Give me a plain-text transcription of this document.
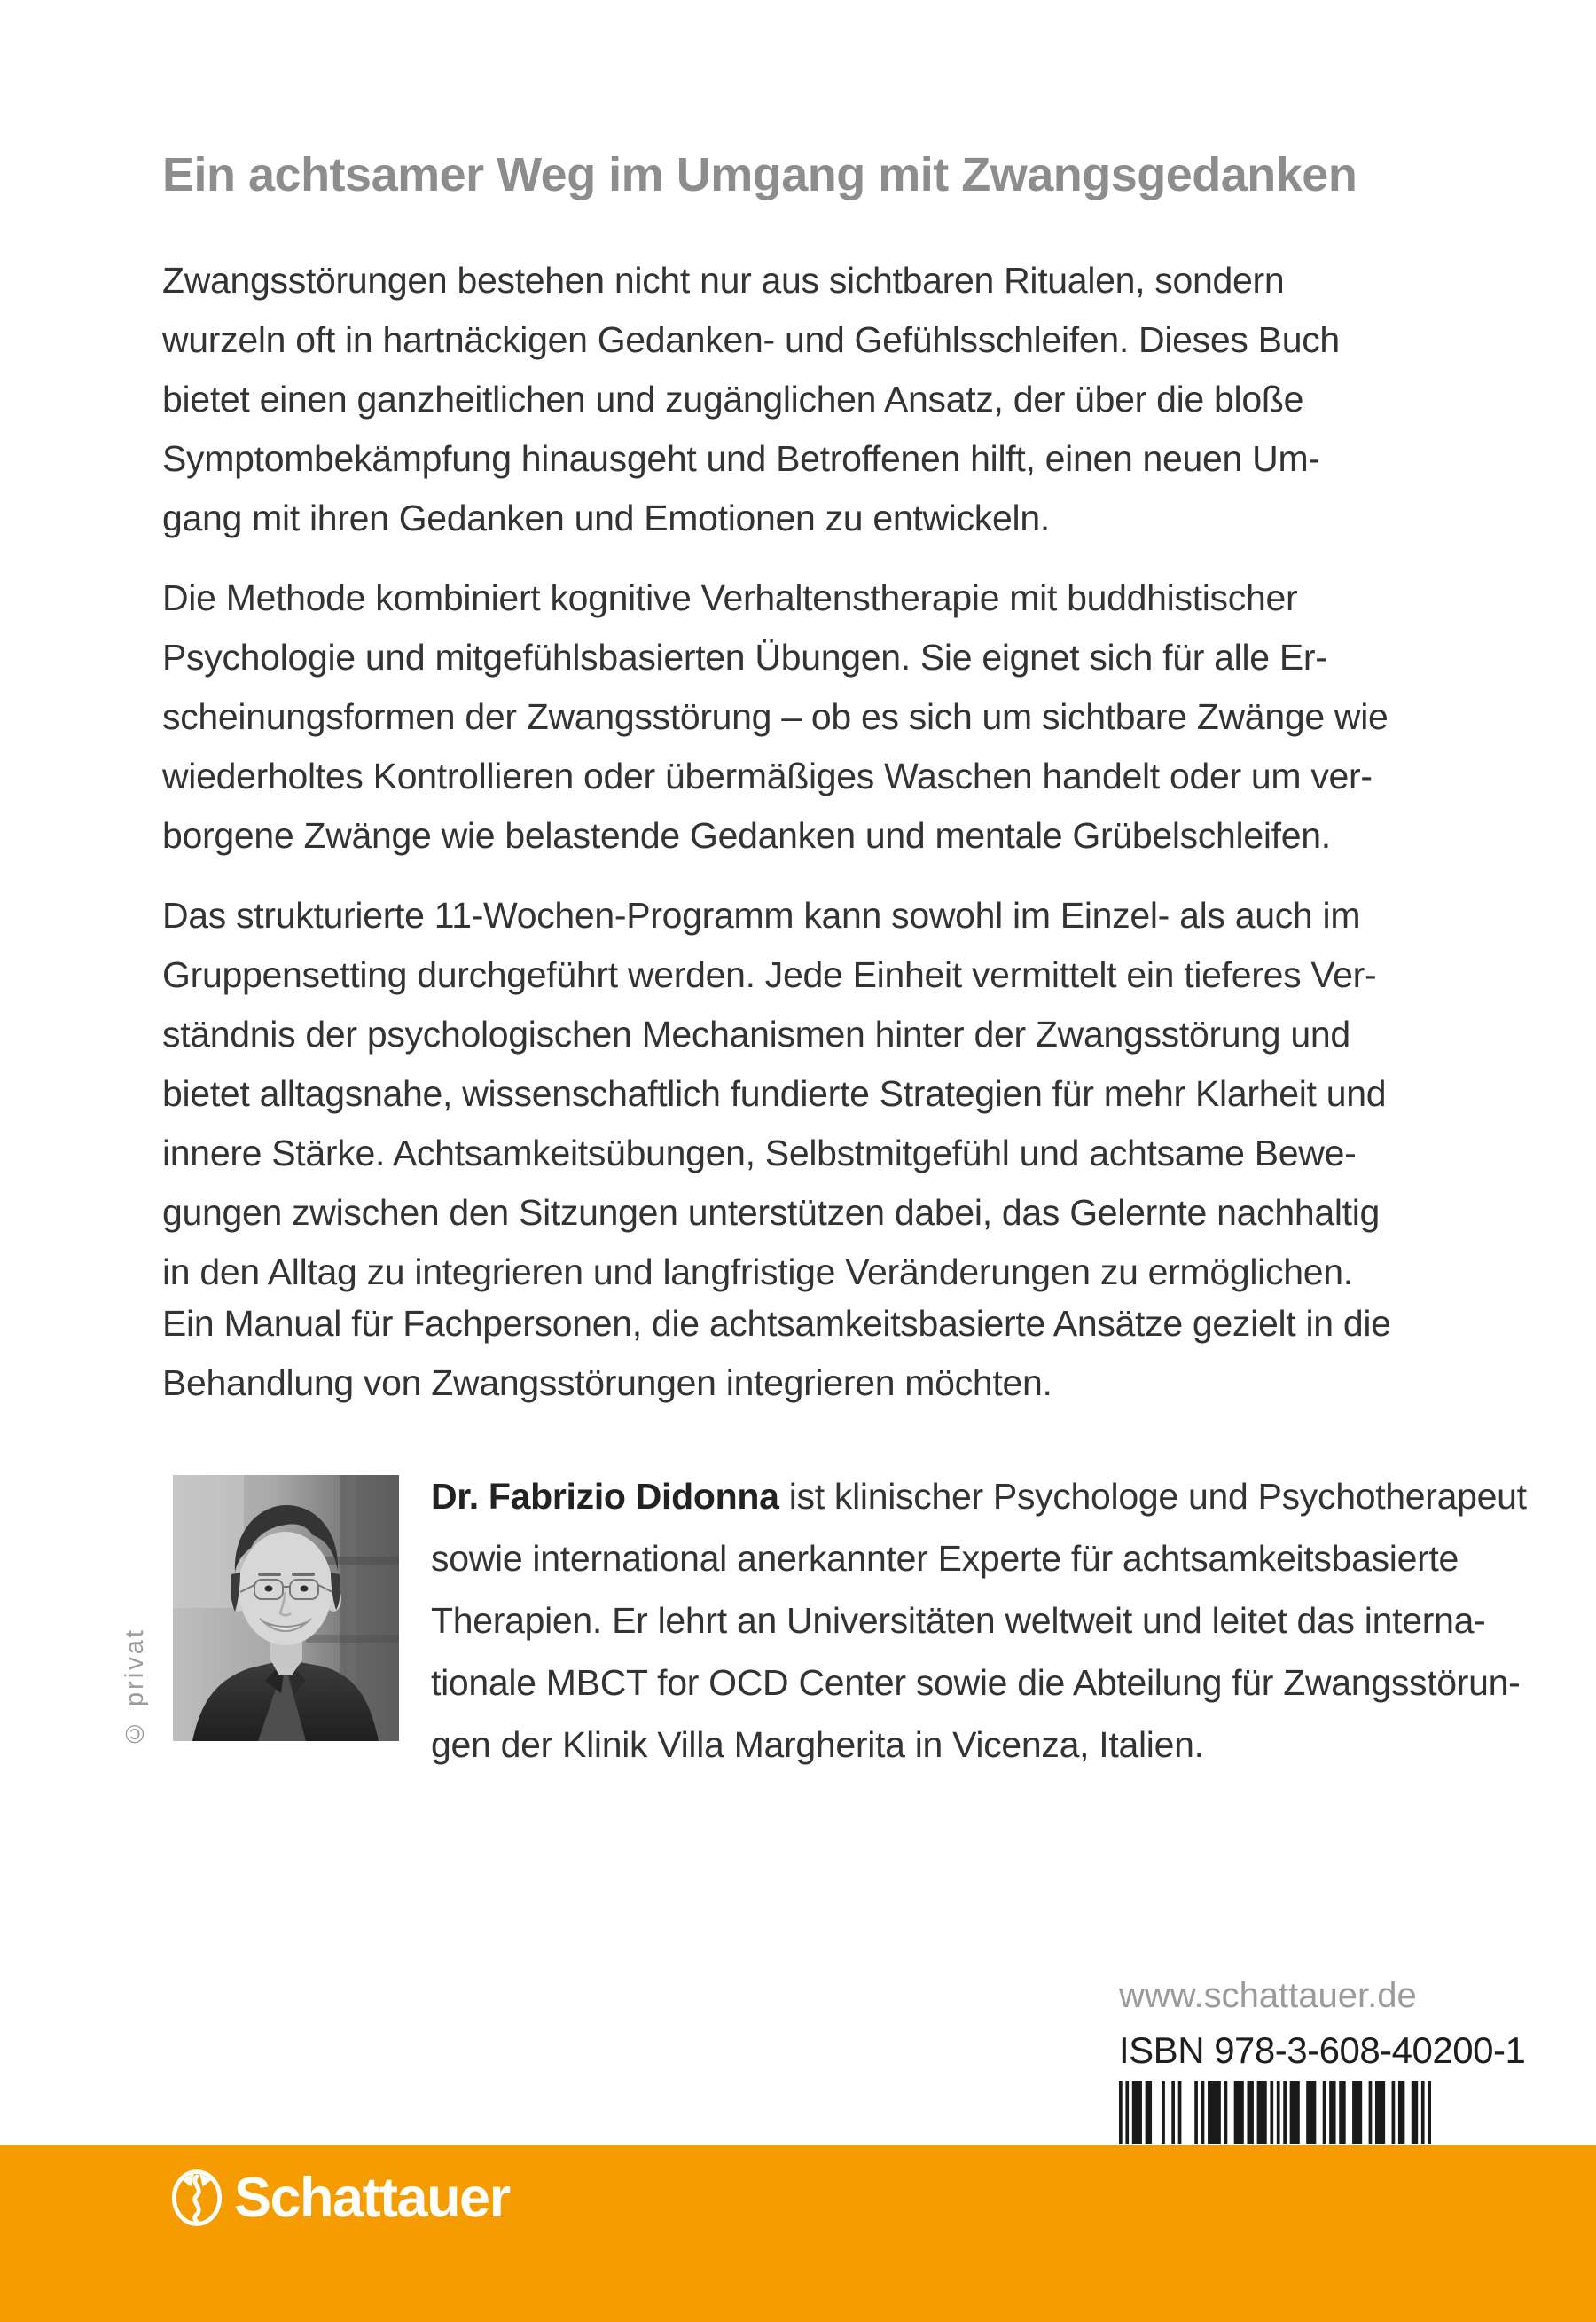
Ein achtsamer Weg im Umgang mit Zwangsgedanken
Zwangsstörungen bestehen nicht nur aus sichtbaren Ritualen, sondern
wurzeln oft in hartnäckigen Gedanken- und Gefühlsschleifen. Dieses Buch
bietet einen ganzheitlichen und zugänglichen Ansatz, der über die bloße
Symptombekämpfung hinausgeht und Betroffenen hilft, einen neuen Um-
gang mit ihren Gedanken und Emotionen zu entwickeln.
Die Methode kombiniert kognitive Verhaltenstherapie mit buddhistischer
Psychologie und mitgefühlsbasierten Übungen. Sie eignet sich für alle Er-
scheinungsformen der Zwangsstörung – ob es sich um sichtbare Zwänge wie
wiederholtes Kontrollieren oder übermäßiges Waschen handelt oder um ver-
borgene Zwänge wie belastende Gedanken und mentale Grübelschleifen.
Das strukturierte 11-Wochen-Programm kann sowohl im Einzel- als auch im
Gruppensetting durchgeführt werden. Jede Einheit vermittelt ein tieferes Ver-
ständnis der psychologischen Mechanismen hinter der Zwangsstörung und
bietet alltagsnahe, wissenschaftlich fundierte Strategien für mehr Klarheit und
innere Stärke. Achtsamkeitsübungen, Selbstmitgefühl und achtsame Bewe-
gungen zwischen den Sitzungen unterstützen dabei, das Gelernte nachhaltig
in den Alltag zu integrieren und langfristige Veränderungen zu ermöglichen.
Ein Manual für Fachpersonen, die achtsamkeitsbasierte Ansätze gezielt in die
Behandlung von Zwangsstörungen integrieren möchten.
© privat
Dr. Fabrizio Didonna ist klinischer Psychologe und Psychotherapeut
sowie international anerkannter Experte für achtsamkeitsbasierte
Therapien. Er lehrt an Universitäten weltweit und leitet das interna-
tionale MBCT for OCD Center sowie die Abteilung für Zwangsstörun-
gen der Klinik Villa Margherita in Vicenza, Italien.
www.schattauer.de
ISBN 978-3-608-40200-1
Schattauer
